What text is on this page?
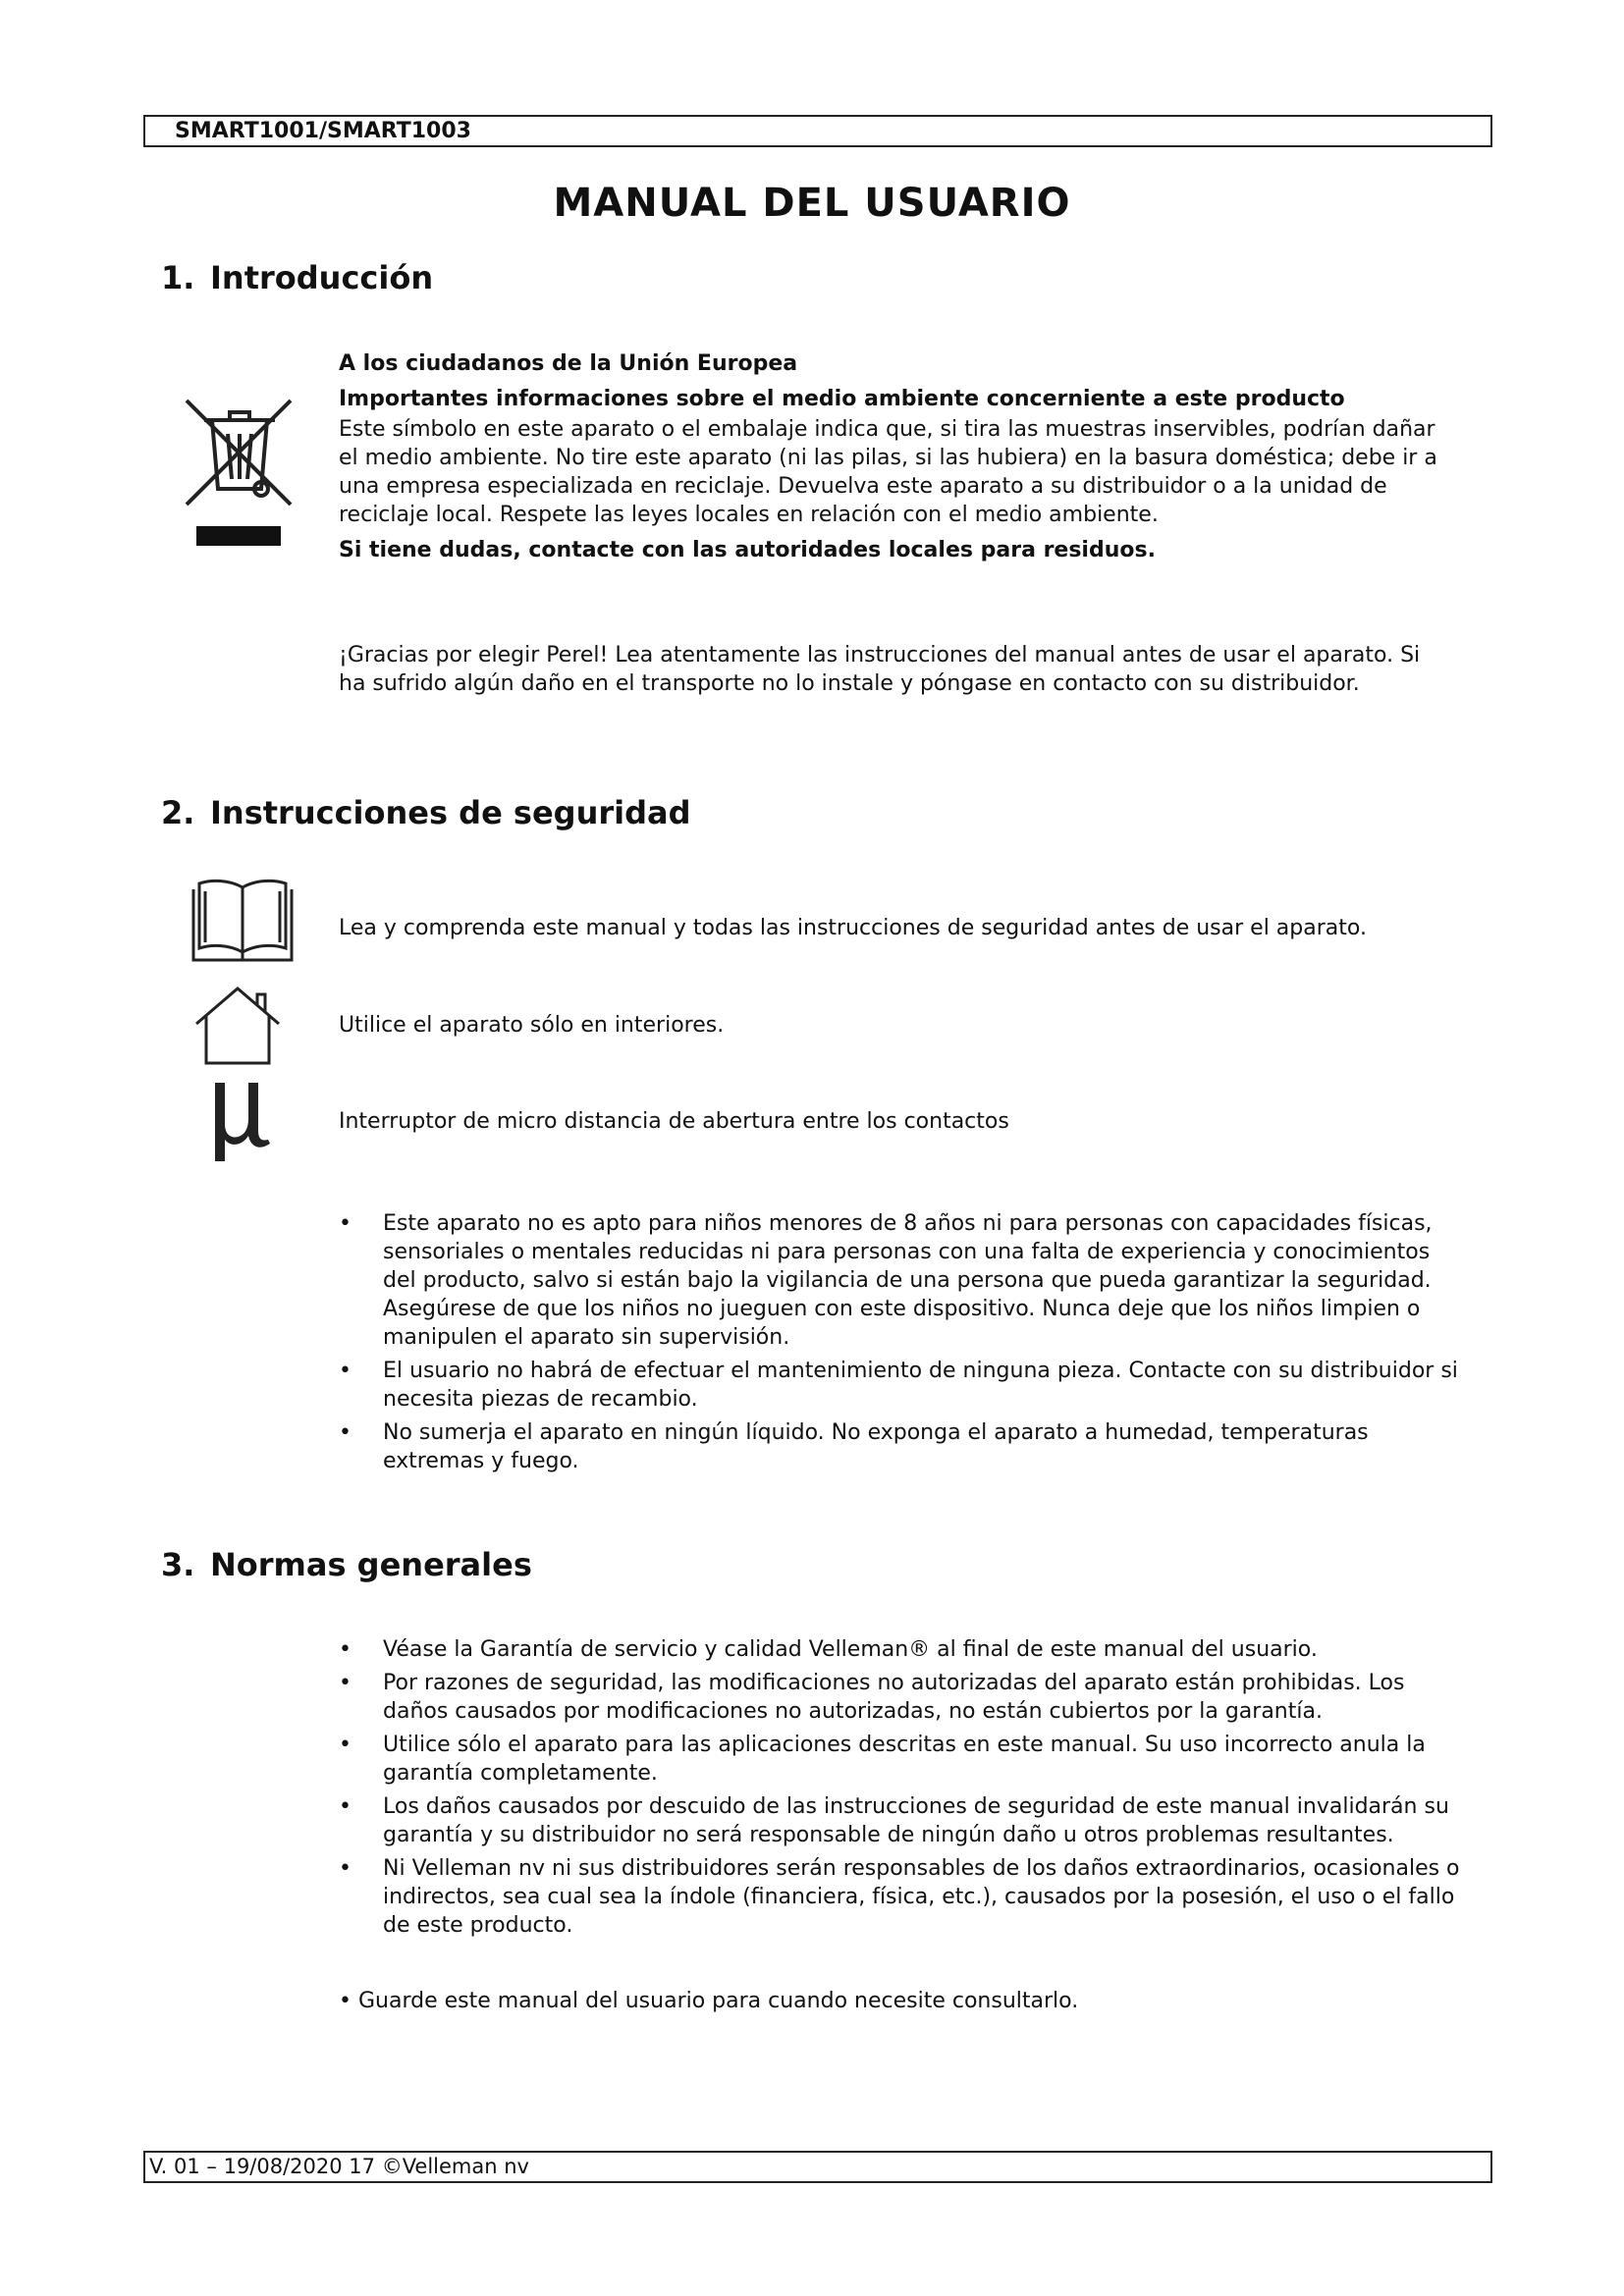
SMART1001/SMART1003
MANUAL DEL USUARIO
1. Introducción

A los ciudadanos de la Unión Europea

Importantes informaciones sobre el medio ambiente concerniente a este producto

Este símbolo en este aparato o el embalaje indica que, si tira las muestras inservibles, podrían dañar el medio ambiente. No tire este aparato (ni las pilas, si las hubiera) en la basura doméstica; debe ir a una empresa especializada en reciclaje. Devuelva este aparato a su distribuidor o a la unidad de reciclaje local. Respete las leyes locales en relación con el medio ambiente.

Si tiene dudas, contacte con las autoridades locales para residuos.

¡Gracias por elegir Perel! Lea atentamente las instrucciones del manual antes de usar el aparato. Si ha sufrido algún daño en el transporte no lo instale y póngase en contacto con su distribuidor.
2. Instrucciones de seguridad
Lea y comprenda este manual y todas las instrucciones de seguridad antes de usar el aparato.
Utilice el aparato sólo en interiores.
Interruptor de micro distancia de abertura entre los contactos
• Este aparato no es apto para niños menores de 8 años ni para personas con capacidades físicas, sensoriales o mentales reducidas ni para personas con una falta de experiencia y conocimientos del producto, salvo si están bajo la vigilancia de una persona que pueda garantizar la seguridad. Asegúrese de que los niños no jueguen con este dispositivo. Nunca deje que los niños limpien o manipulen el aparato sin supervisión.
• El usuario no habrá de efectuar el mantenimiento de ninguna pieza. Contacte con su distribuidor si necesita piezas de recambio.
• No sumerja el aparato en ningún líquido. No exponga el aparato a humedad, temperaturas extremas y fuego.
3. Normas generales
• Véase la Garantía de servicio y calidad Velleman® al final de este manual del usuario.
• Por razones de seguridad, las modificaciones no autorizadas del aparato están prohibidas. Los daños causados por modificaciones no autorizadas, no están cubiertos por la garantía.
• Utilice sólo el aparato para las aplicaciones descritas en este manual. Su uso incorrecto anula la garantía completamente.
• Los daños causados por descuido de las instrucciones de seguridad de este manual invalidarán su garantía y su distribuidor no será responsable de ningún daño u otros problemas resultantes.
• Ni Velleman nv ni sus distribuidores serán responsables de los daños extraordinarios, ocasionales o indirectos, sea cual sea la índole (financiera, física, etc.), causados por la posesión, el uso o el fallo de este producto.
• Guarde este manual del usuario para cuando necesite consultarlo.
V. 01 – 19/08/2020 17 ©Velleman nv
